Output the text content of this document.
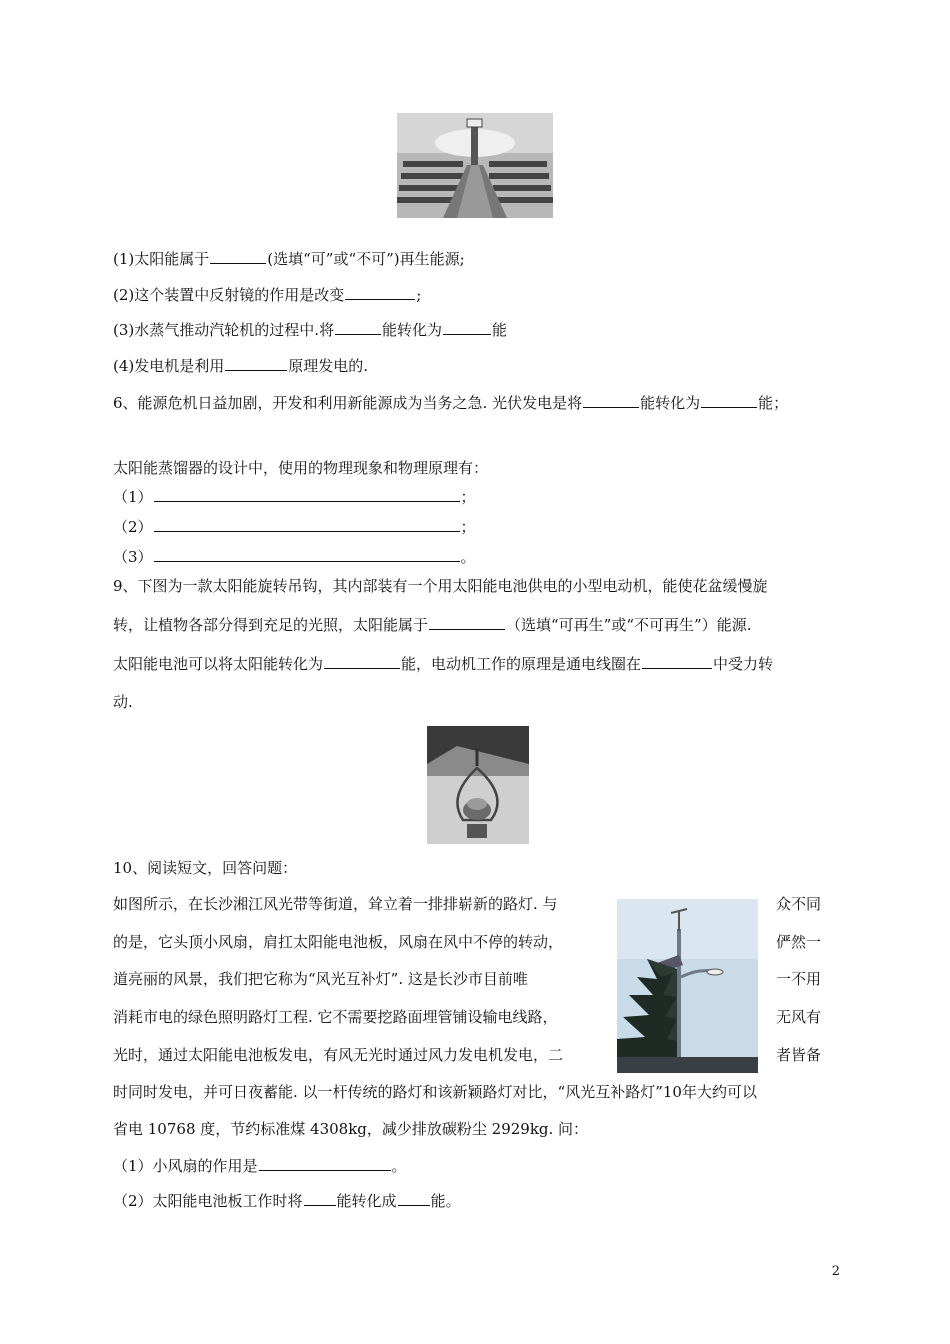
(1)太阳能属于	(选填“可”或“不可”)再生能源;
(2)这个装置中反射镜的作用是改变	;
(3)水蒸气推动汽轮机的过程中.将	能转化为	能
(4)发电机是利用	原理发电的.
6、能源危机日益加剧，开发和利用新能源成为当务之急. 光伏发电是将	能转化为	能；
太阳能蒸馏器的设计中，使用的物理现象和物理原理有：
（1）	；
（2）	；
（3）	。
9、下图为一款太阳能旋转吊钩，其内部装有一个用太阳能电池供电的小型电动机，能使花盆缓慢旋
转，让植物各部分得到充足的光照，太阳能属于	（选填“可再生”或“不可再生”）能源.
太阳能电池可以将太阳能转化为	能，电动机工作的原理是通电线圈在	中受力转
动.
10、阅读短文，回答问题：
如图所示，在长沙湘江风光带等街道，耸立着一排排崭新的路灯. 与
的是，它头顶小风扇，肩扛太阳能电池板，风扇在风中不停的转动，
道亮丽的风景，我们把它称为“风光互补灯”. 这是长沙市目前唯
消耗市电的绿色照明路灯工程. 它不需要挖路面埋管铺设输电线路，
光时，通过太阳能电池板发电，有风无光时通过风力发电机发电，二
众不同
俨然一
一不用
无风有
者皆备
时同时发电，并可日夜蓄能. 以一杆传统的路灯和该新颖路灯对比，“风光互补路灯”10年大约可以
省电 10768 度，节约标准煤 4308kg，减少排放碳粉尘 2929kg. 问：
（1）小风扇的作用是	。
（2）太阳能电池板工作时将 能转化成 能。
2
